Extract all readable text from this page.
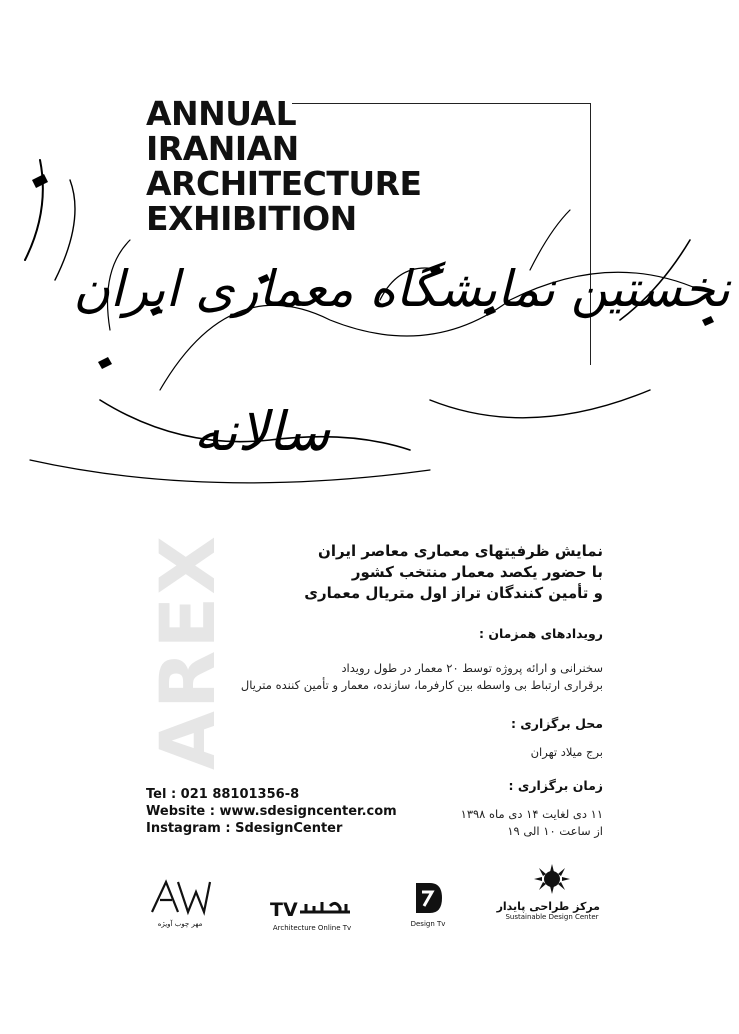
ANNUAL
IRANIAN
ARCHITECTURE
EXHIBITION
نخستین نمایشگاه معماری ایران
سالانه
AREX	نمایش ظرفیتهای معماری معاصر ایران
با حضور یکصد معمار منتخب کشور
و تأمین کنندگان تراز اول متریال معماری
رویدادهای همزمان :
سخنرانی و ارائه پروژه توسط ۲۰ معمار در طول رویداد
برقراری ارتباط بی واسطه بین کارفرما، سازنده، معمار و تأمین کننده متریال
محل برگزاری :
برج میلاد تهران
زمان برگزاری :
۱۱ دی لغایت ۱۴ دی ماه ۱۳۹۸
از ساعت ۱۰ الی ۱۹
Tel : 021 88101356-8
Website : www.sdesigncenter.com
Instagram : SdesignCenter
مهر چوب آویژه
TV
Architecture Online Tv	Design Tv
مرکز طراحی پایدار
Sustainable Design Center
